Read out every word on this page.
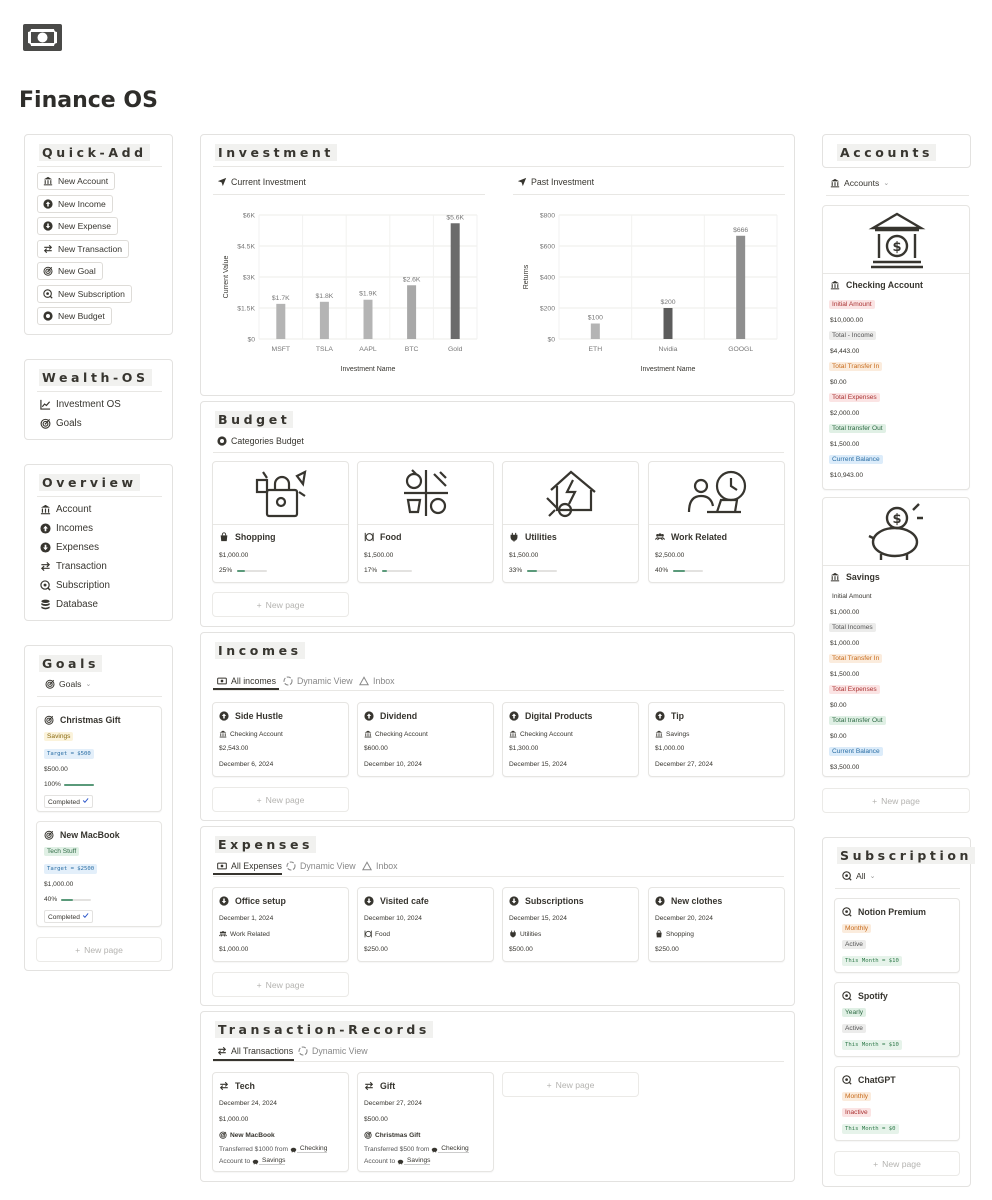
Finance OS
Quick-Add
New Account
New Income
New Expense
New Transaction
New Goal
New Subscription
New Budget
Wealth-OS
Investment OS
Goals
Overview
Account
Incomes
Expenses
Transaction
Subscription
Database
Goals
Goals ⌄
Christmas Gift
Savings
Target = $500
$500.00
100%
Completed
New MacBook
Tech Stuff
Target = $2500
$1,000.00
40%
Completed
+ New page
Investment
Current Investment	Past Investment
$0
$1.5K
$3K
$4.5K
$6K
$1.7K
MSFT
$1.8K
TSLA
$1.9K
AAPL
$2.6K
BTC
$5.6K
Gold
Investment Name
Current Value
$0
$200
$400
$600
$800
$100
ETH
$200
Nvidia
$666
GOOGL
Investment Name
Returns
Budget
Categories Budget
Shopping
$1,000.00
25%
Food
$1,500.00
17%
Utilities
$1,500.00
33%
Work Related
$2,500.00
40%
+ New page
Incomes
All incomes Dynamic View Inbox
Side Hustle
Checking Account
$2,543.00
December 6, 2024
Dividend
Checking Account
$600.00
December 10, 2024
Digital Products
Checking Account
$1,300.00
December 15, 2024
Tip
Savings
$1,000.00
December 27, 2024
+ New page
Expenses
All Expenses Dynamic View Inbox
Office setup
December 1, 2024
Work Related
$1,000.00
Visited cafe
December 10, 2024
Food
$250.00
Subscriptions
December 15, 2024
Utilities
$500.00
New clothes
December 20, 2024
Shopping
$250.00
+ New page
Transaction-Records
All Transactions Dynamic View
Tech
December 24, 2024
$1,000.00
New MacBook
Transferred $1000 from
	Checking
Account to
	Savings
Gift
December 27, 2024
$500.00
Christmas Gift
Transferred $500 from
	Checking
Account to
	Savings
+ New page
Accounts
Accounts ⌄
$
Checking Account
Initial Amount
$10,000.00
Total - Income
$4,443.00
Total Transfer In
$0.00
Total Expenses
$2,000.00
Total transfer Out
$1,500.00
Current Balance
$10,943.00
$
Savings
Initial Amount
$1,000.00
Total Incomes
$1,000.00
Total Transfer In
$1,500.00
Total Expenses
$0.00
Total transfer Out
$0.00
Current Balance
$3,500.00
+ New page
Subscription
All ⌄
Notion Premium
Monthly
Active
This Month = $10
Spotify
Yearly
Active
This Month = $10
ChatGPT
Monthly
Inactive
This Month = $0
+ New page
